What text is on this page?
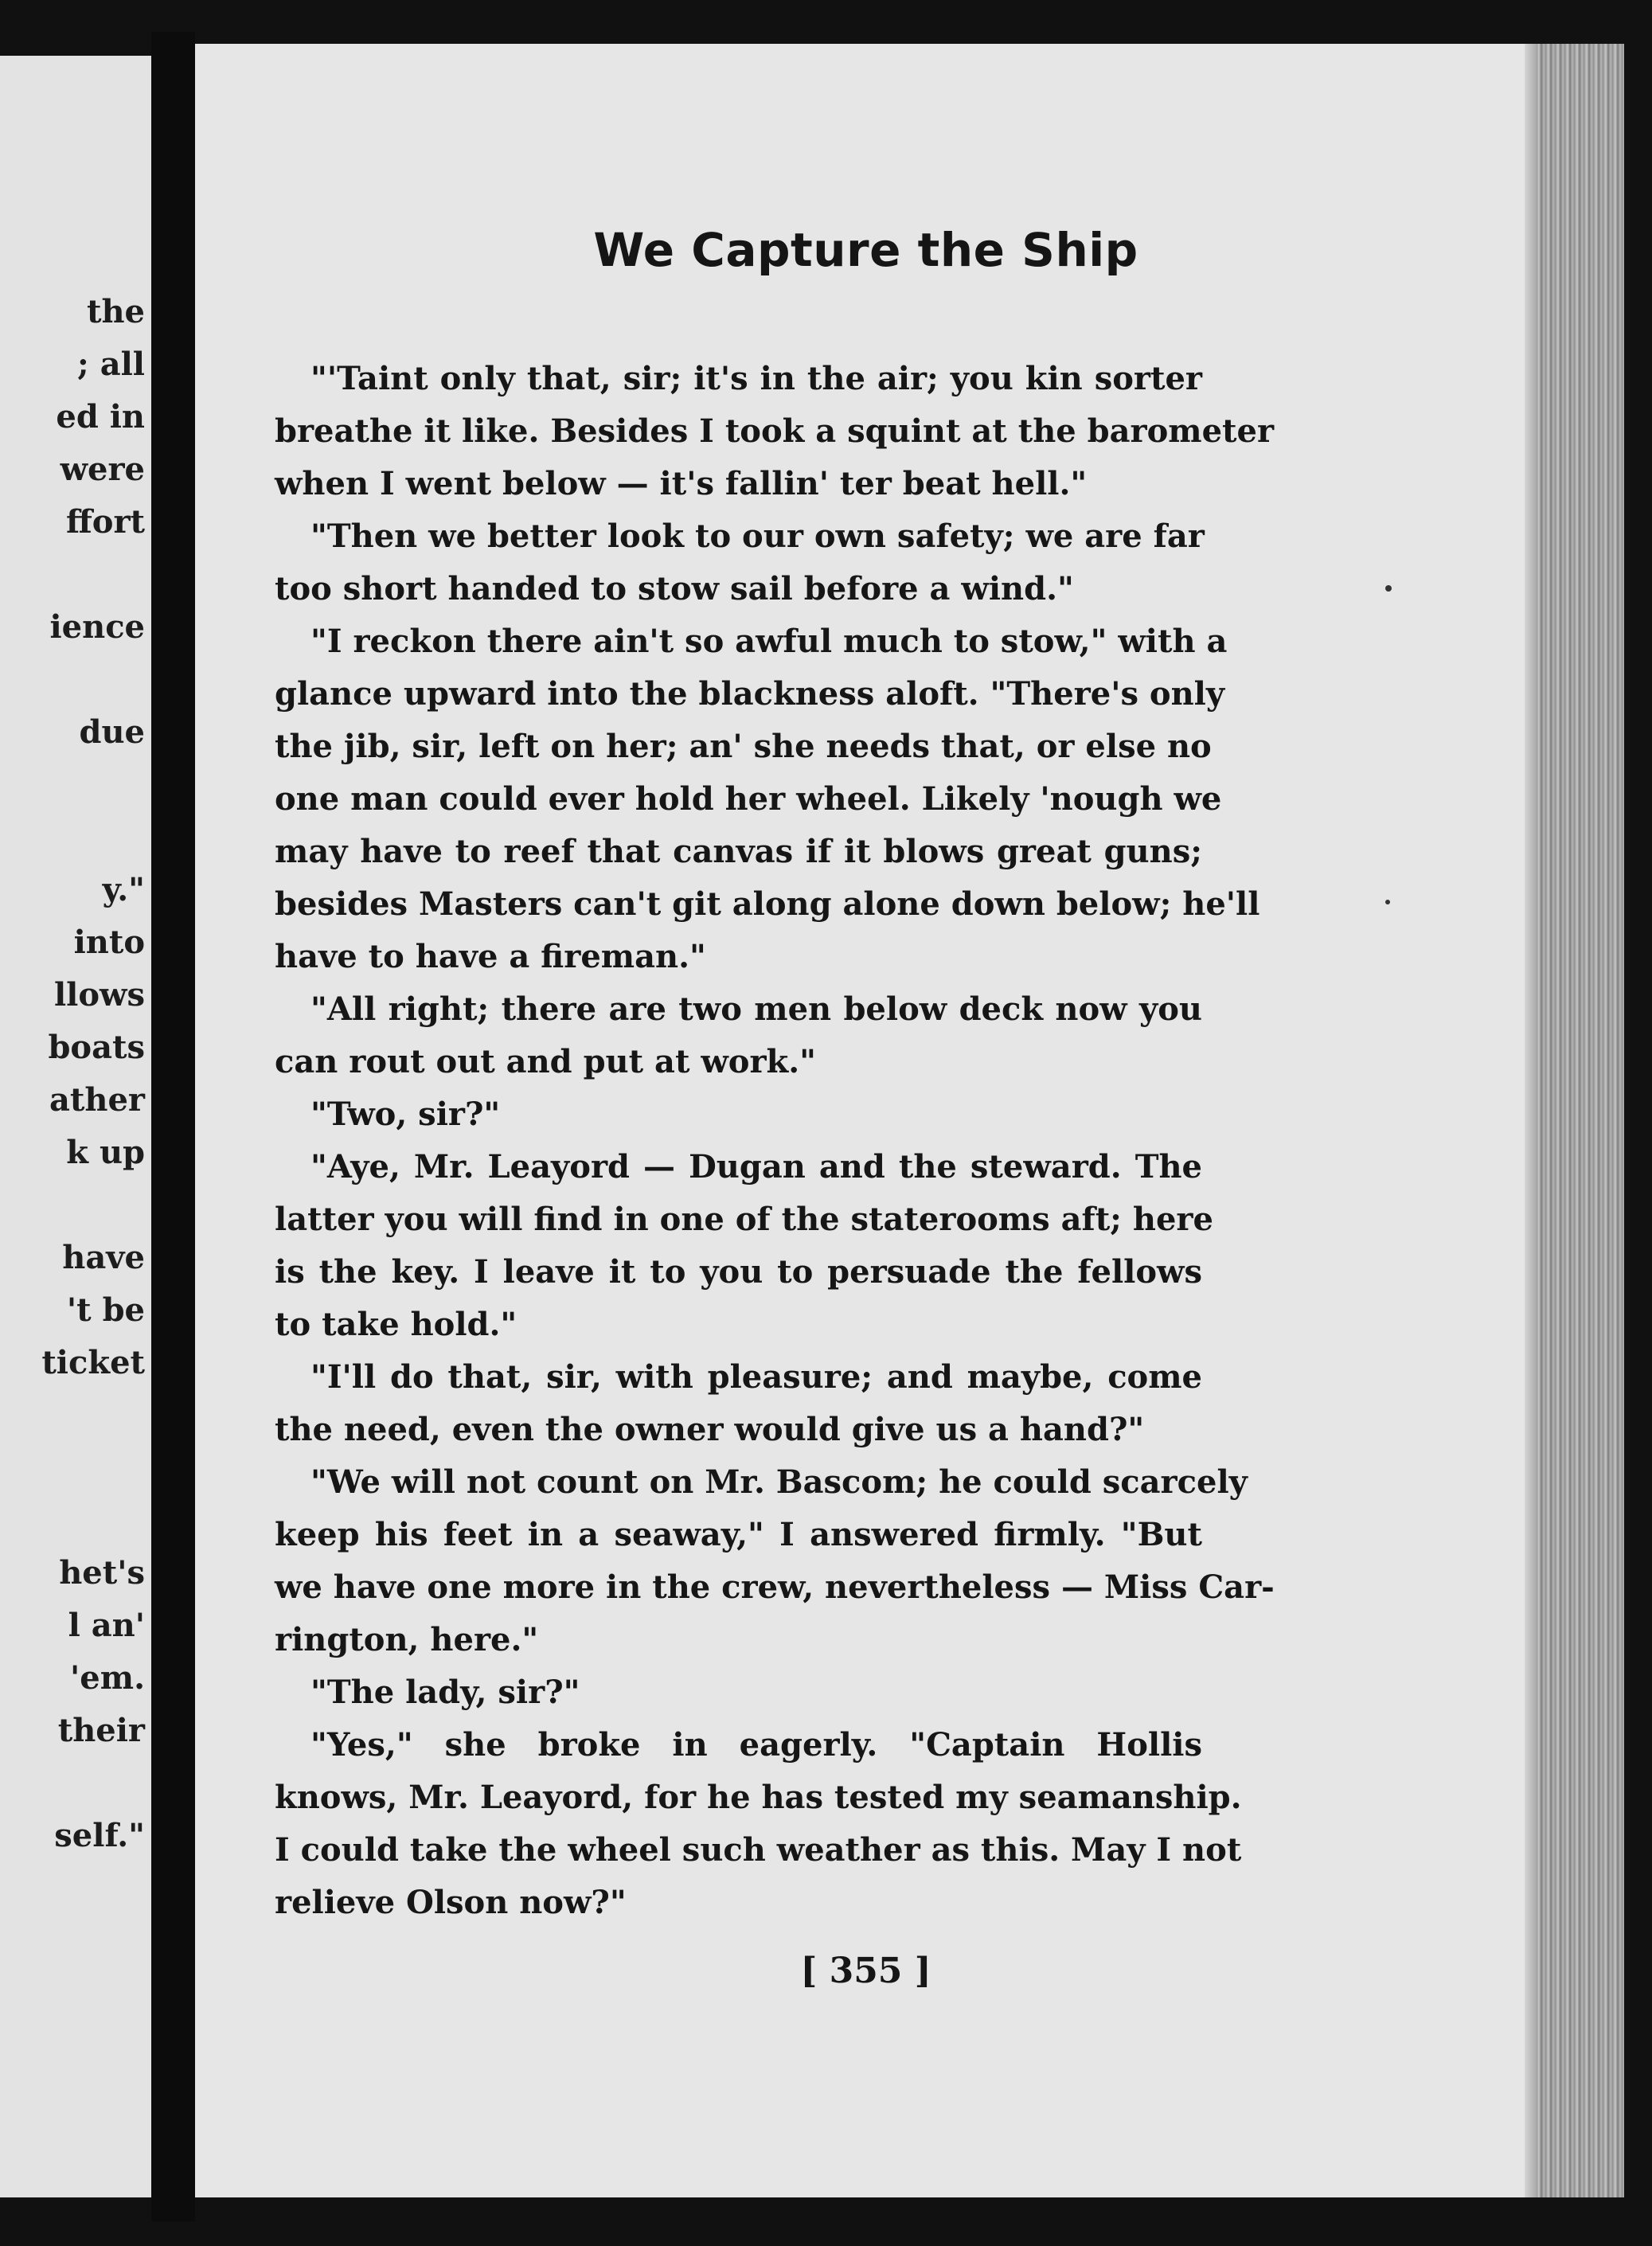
the
; all
ed in
were
ffort
ience
due
y."
into
llows
boats
ather
k up
have
't be
ticket
het's
l an'
'em.
their
self."
We Capture the Ship
"'Taint only that, sir; it's in the air; you kin sorter
breathe it like. Besides I took a squint at the barometer
when I went below — it's fallin' ter beat hell."
"Then we better look to our own safety; we are far
too short handed to stow sail before a wind."
"I reckon there ain't so awful much to stow," with a
glance upward into the blackness aloft. "There's only
the jib, sir, left on her; an' she needs that, or else no
one man could ever hold her wheel. Likely 'nough we
may have to reef that canvas if it blows great guns;
besides Masters can't git along alone down below; he'll
have to have a fireman."
"All right; there are two men below deck now you
can rout out and put at work."
"Two, sir?"
"Aye, Mr. Leayord — Dugan and the steward. The
latter you will find in one of the staterooms aft; here
is the key. I leave it to you to persuade the fellows
to take hold."
"I'll do that, sir, with pleasure; and maybe, come
the need, even the owner would give us a hand?"
"We will not count on Mr. Bascom; he could scarcely
keep his feet in a seaway," I answered firmly. "But
we have one more in the crew, nevertheless — Miss Car-
rington, here."
"The lady, sir?"
"Yes," she broke in eagerly. "Captain Hollis
knows, Mr. Leayord, for he has tested my seamanship.
I could take the wheel such weather as this. May I not
relieve Olson now?"
[ 355 ]
